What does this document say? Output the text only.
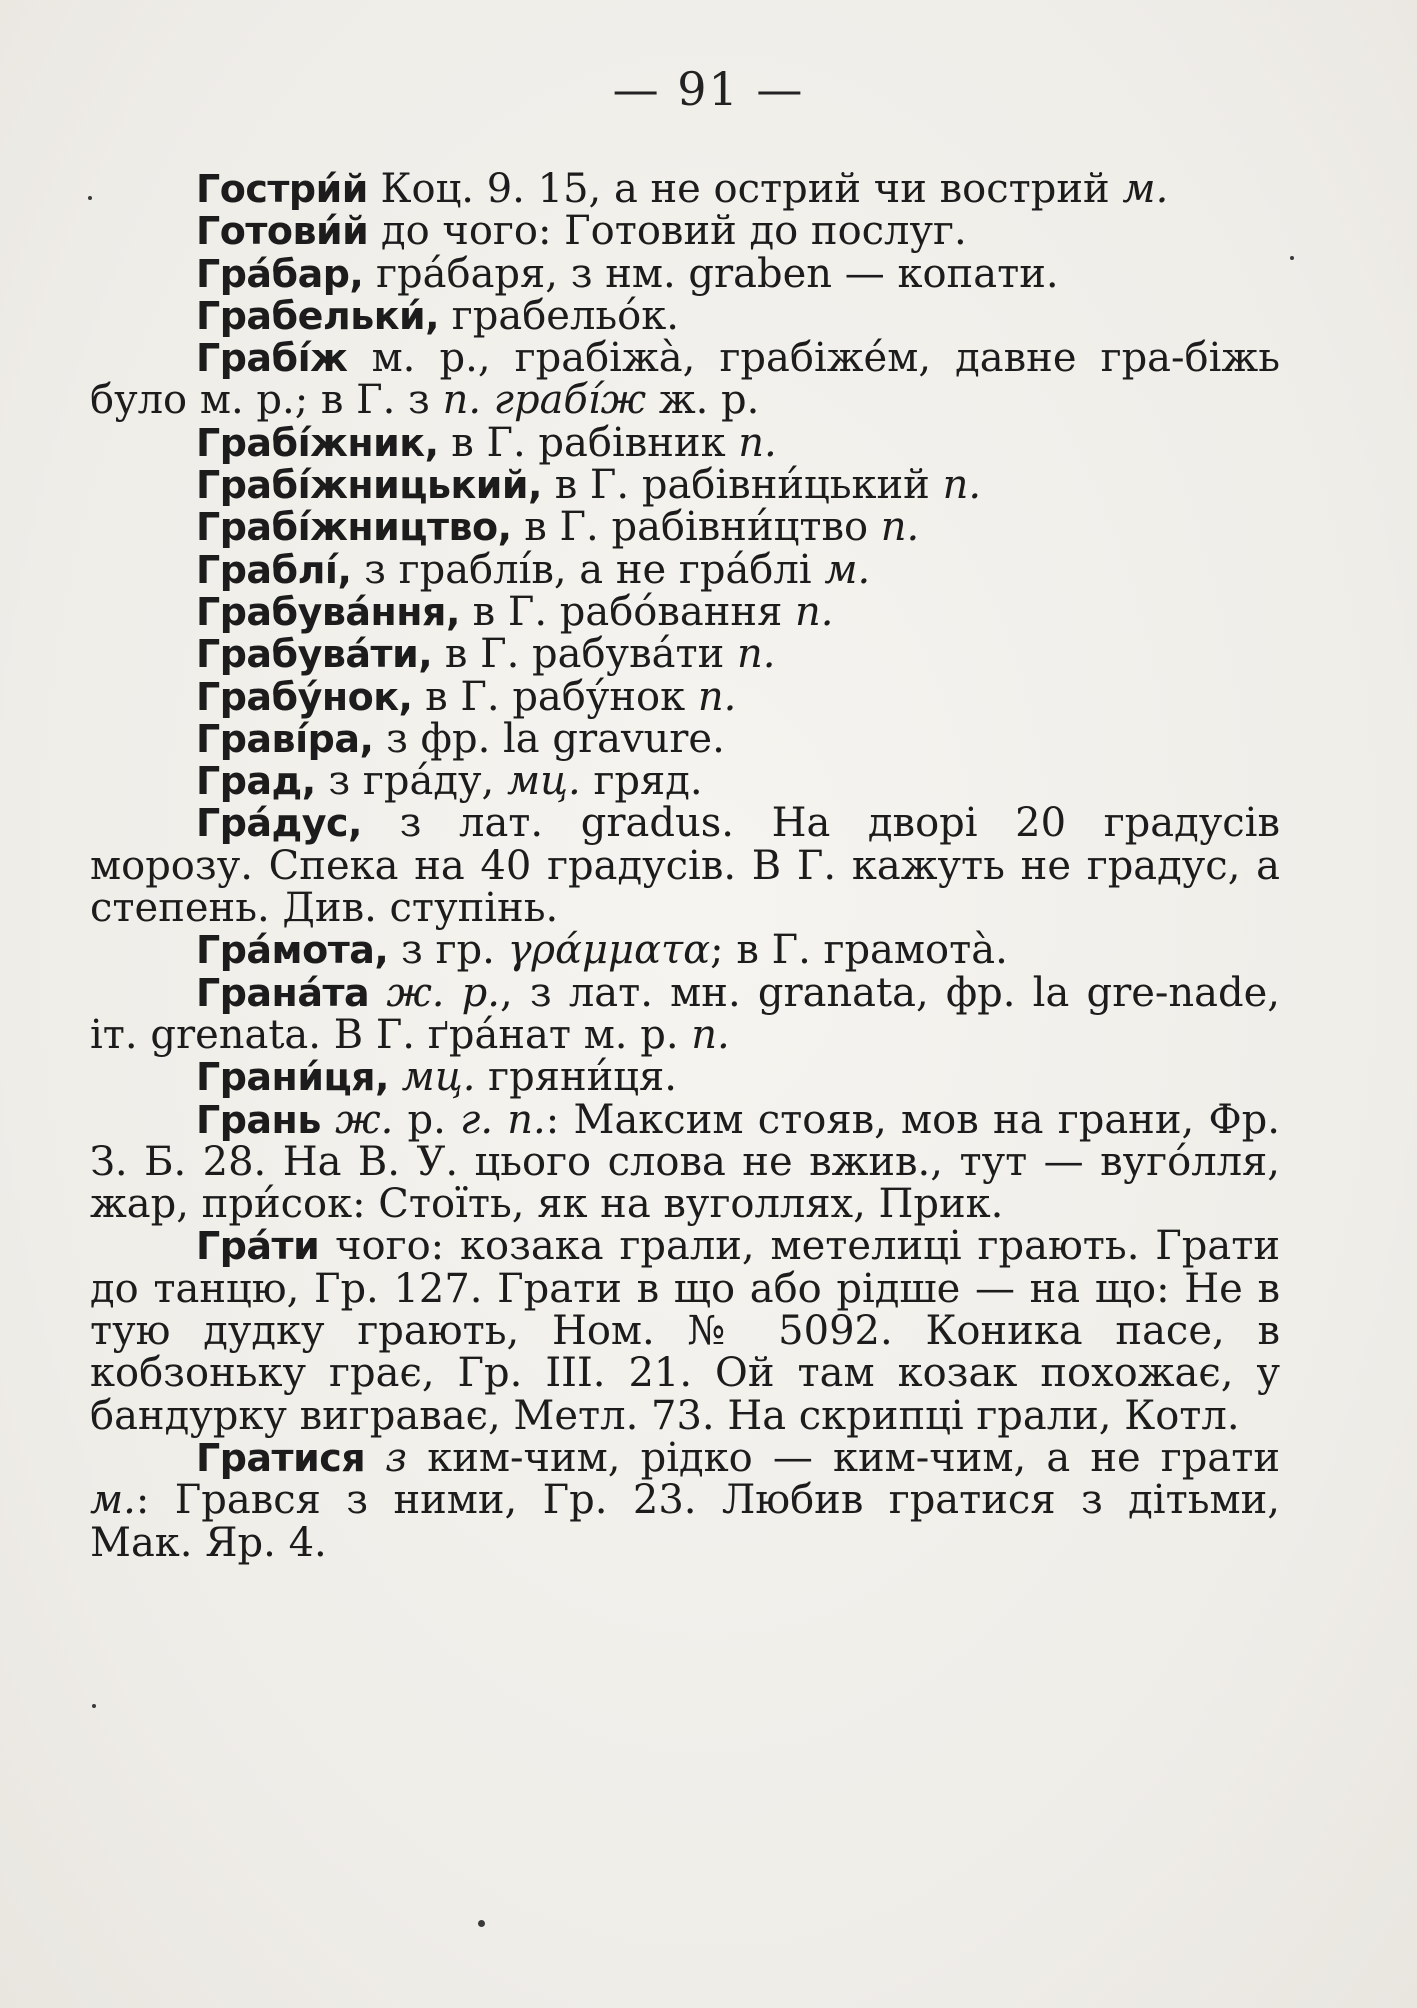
— 91 —

Гостри́й Коц. 9. 15, а не острий чи вострий м.

Готови́й до чого: Готовий до послуг.

Гра́бар, гра́баря, з нм. graben — копати.

Грабельки́, грабельо́к.

Грабі́ж м. р., грабіжа̀, грабіже́м, давне гра-біжь було м. р.; в Г. з п. грабі́ж ж. р.

Грабі́жник, в Г. рабівник п.

Грабі́жницький, в Г. рабівни́цький п.

Грабі́жництво, в Г. рабівни́цтво п.

Граблі́, з граблі́в, а не гра́блі м.

Грабува́ння, в Г. рабо́вання п.

Грабува́ти, в Г. рабува́ти п.

Грабу́нок, в Г. рабу́нок п.

Граві́ра, з фр. la gravure.

Град, з гра́ду, мц. гряд.

Гра́дус, з лат. gradus. На дворі 20 градусів морозу. Спека на 40 градусів. В Г. кажуть не градус, а степень. Див. ступінь.

Гра́мота, з гр. γράμματα; в Г. грамота̀.

Грана́та ж. р., з лат. мн. granata, фр. la gre-nade, іт. grenata. В Г. ґра́нат м. р. п.

Грани́ця, мц. гряни́ця.

Грань ж. р. г. п.: Максим стояв, мов на грани, Фр. З. Б. 28. На В. У. цього слова не вжив., тут — вуго́лля, жар, при́сок: Стоїть, як на вуголлях, Прик.

Гра́ти чого: козака грали, метелиці грають. Грати до танцю, Гр. 127. Грати в що або рідше — на що: Не в тую дудку грають, Ном. № 5092. Коника пасе, в кобзоньку грає, Гр. III. 21. Ой там козак похожає, у бандурку виграває, Метл. 73. На скрипці грали, Котл.

Гратися з ким-чим, рідко — ким-чим, а не грати м.: Грався з ними, Гр. 23. Любив гратися з дітьми, Мак. Яр. 4.
